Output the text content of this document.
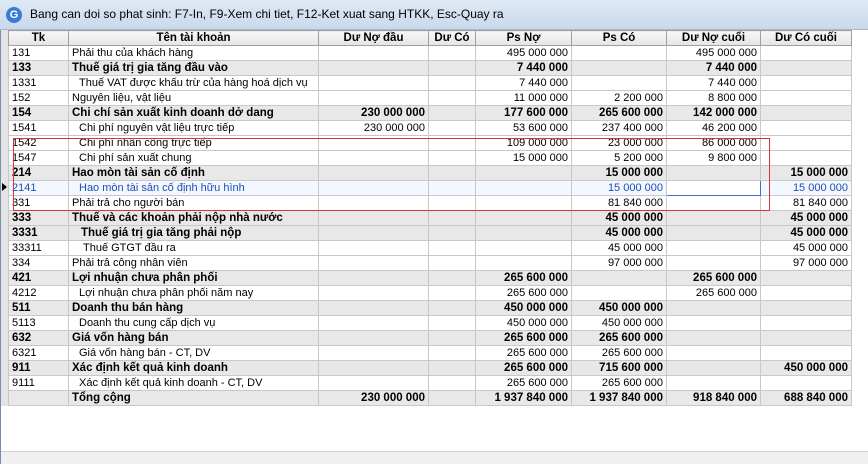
G Bang can doi so phat sinh: F7-In, F9-Xem chi tiet, F12-Ket xuat sang HTKK, Esc-Quay ra
Tk	Tên tài khoản	Dư Nợ đầu	Dư Có	Ps Nợ	Ps Có	Dư Nợ cuối	Dư Có cuối
131	Phải thu của khách hàng			495 000 000		495 000 000	
133	Thuế giá trị gia tăng đầu vào			7 440 000		7 440 000	
1331	Thuế VAT được khấu trừ của hàng hoá dịch vụ			7 440 000		7 440 000	
152	Nguyên liệu, vật liệu			11 000 000	2 200 000	8 800 000	
154	Chi chí sản xuất kinh doanh dở dang	230 000 000		177 600 000	265 600 000	142 000 000	
1541	Chi phí nguyên vật liệu trực tiếp	230 000 000		53 600 000	237 400 000	46 200 000	
1542	Chi phí nhân công trực tiếp			109 000 000	23 000 000	86 000 000	
1547	Chi phí sản xuất chung			15 000 000	5 200 000	9 800 000	
214	Hao mòn tài sản cố định				15 000 000		15 000 000
2141	Hao mòn tài sản cố định hữu hình				15 000 000		15 000 000
331	Phải trả cho người bán				81 840 000		81 840 000
333	Thuế và các khoản phải nộp nhà nước				45 000 000		45 000 000
3331	Thuế giá trị gia tăng phải nộp				45 000 000		45 000 000
33311	Thuế GTGT đầu ra				45 000 000		45 000 000
334	Phải trả công nhân viên				97 000 000		97 000 000
421	Lợi nhuận chưa phân phối			265 600 000		265 600 000	
4212	Lợi nhuận chưa phân phối năm nay			265 600 000		265 600 000	
511	Doanh thu bán hàng			450 000 000	450 000 000		
5113	Doanh thu cung cấp dịch vụ			450 000 000	450 000 000		
632	Giá vốn hàng bán			265 600 000	265 600 000		
6321	Giá vốn hàng bán - CT, DV			265 600 000	265 600 000		
911	Xác định kết quả kinh doanh			265 600 000	715 600 000		450 000 000
9111	Xác định kết quả kinh doanh - CT, DV			265 600 000	265 600 000		
	Tổng cộng	230 000 000		1 937 840 000	1 937 840 000	918 840 000	688 840 000
